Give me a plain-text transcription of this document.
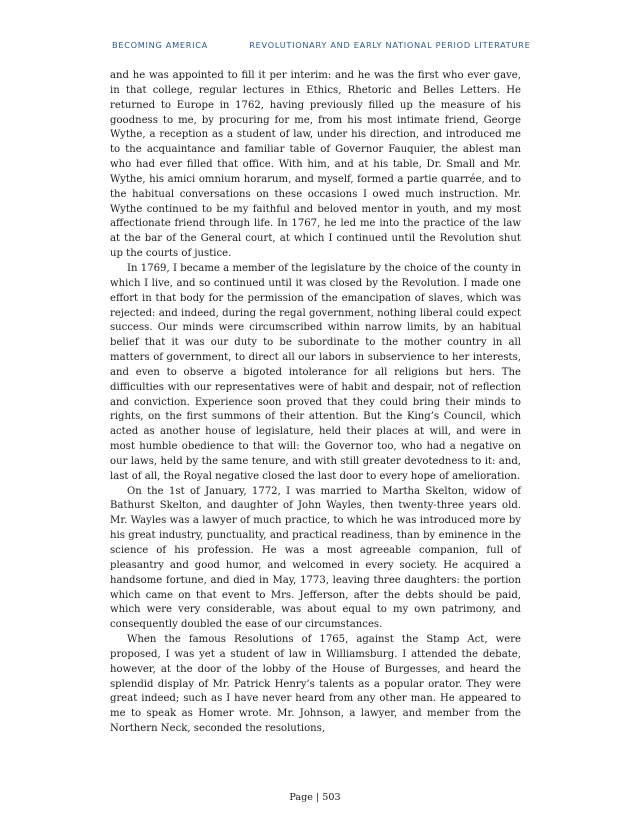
BECOMING AMERICA	REVOLUTIONARY AND EARLY NATIONAL PERIOD LITERATURE

and he was appointed to fill it per interim: and he was the first who ever gave, in that college, regular lectures in Ethics, Rhetoric and Belles Letters. He returned to Europe in 1762, having previously filled up the measure of his goodness to me, by procuring for me, from his most intimate friend, George Wythe, a reception as a student of law, under his direction, and introduced me to the acquaintance and familiar table of Governor Fauquier, the ablest man who had ever filled that office. With him, and at his table, Dr. Small and Mr. Wythe, his amici omnium horarum, and myself, formed a partie quarrée, and to the habitual conversations on these occasions I owed much instruction. Mr. Wythe continued to be my faithful and beloved mentor in youth, and my most affectionate friend through life. In 1767, he led me into the practice of the law at the bar of the General court, at which I continued until the Revolution shut up the courts of justice.

In 1769, I became a member of the legislature by the choice of the county in which I live, and so continued until it was closed by the Revolution. I made one effort in that body for the permission of the emancipation of slaves, which was rejected: and indeed, during the regal government, nothing liberal could expect success. Our minds were circumscribed within narrow limits, by an habitual belief that it was our duty to be subordinate to the mother country in all matters of government, to direct all our labors in subservience to her interests, and even to observe a bigoted intolerance for all religions but hers. The difficulties with our representatives were of habit and despair, not of reflection and conviction. Experience soon proved that they could bring their minds to rights, on the first summons of their attention. But the King’s Council, which acted as another house of legislature, held their places at will, and were in most humble obedience to that will: the Governor too, who had a negative on our laws, held by the same tenure, and with still greater devotedness to it: and, last of all, the Royal negative closed the last door to every hope of amelioration.

On the 1st of January, 1772, I was married to Martha Skelton, widow of Bathurst Skelton, and daughter of John Wayles, then twenty-three years old. Mr. Wayles was a lawyer of much practice, to which he was introduced more by his great industry, punctuality, and practical readiness, than by eminence in the science of his profession. He was a most agreeable companion, full of pleasantry and good humor, and welcomed in every society. He acquired a handsome fortune, and died in May, 1773, leaving three daughters: the portion which came on that event to Mrs. Jefferson, after the debts should be paid, which were very considerable, was about equal to my own patrimony, and consequently doubled the ease of our circumstances.

When the famous Resolutions of 1765, against the Stamp Act, were proposed, I was yet a student of law in Williamsburg. I attended the debate, however, at the door of the lobby of the House of Burgesses, and heard the splendid display of Mr. Patrick Henry’s talents as a popular orator. They were great indeed; such as I have never heard from any other man. He appeared to me to speak as Homer wrote. Mr. Johnson, a lawyer, and member from the Northern Neck, seconded the resolutions,

Page | 503
